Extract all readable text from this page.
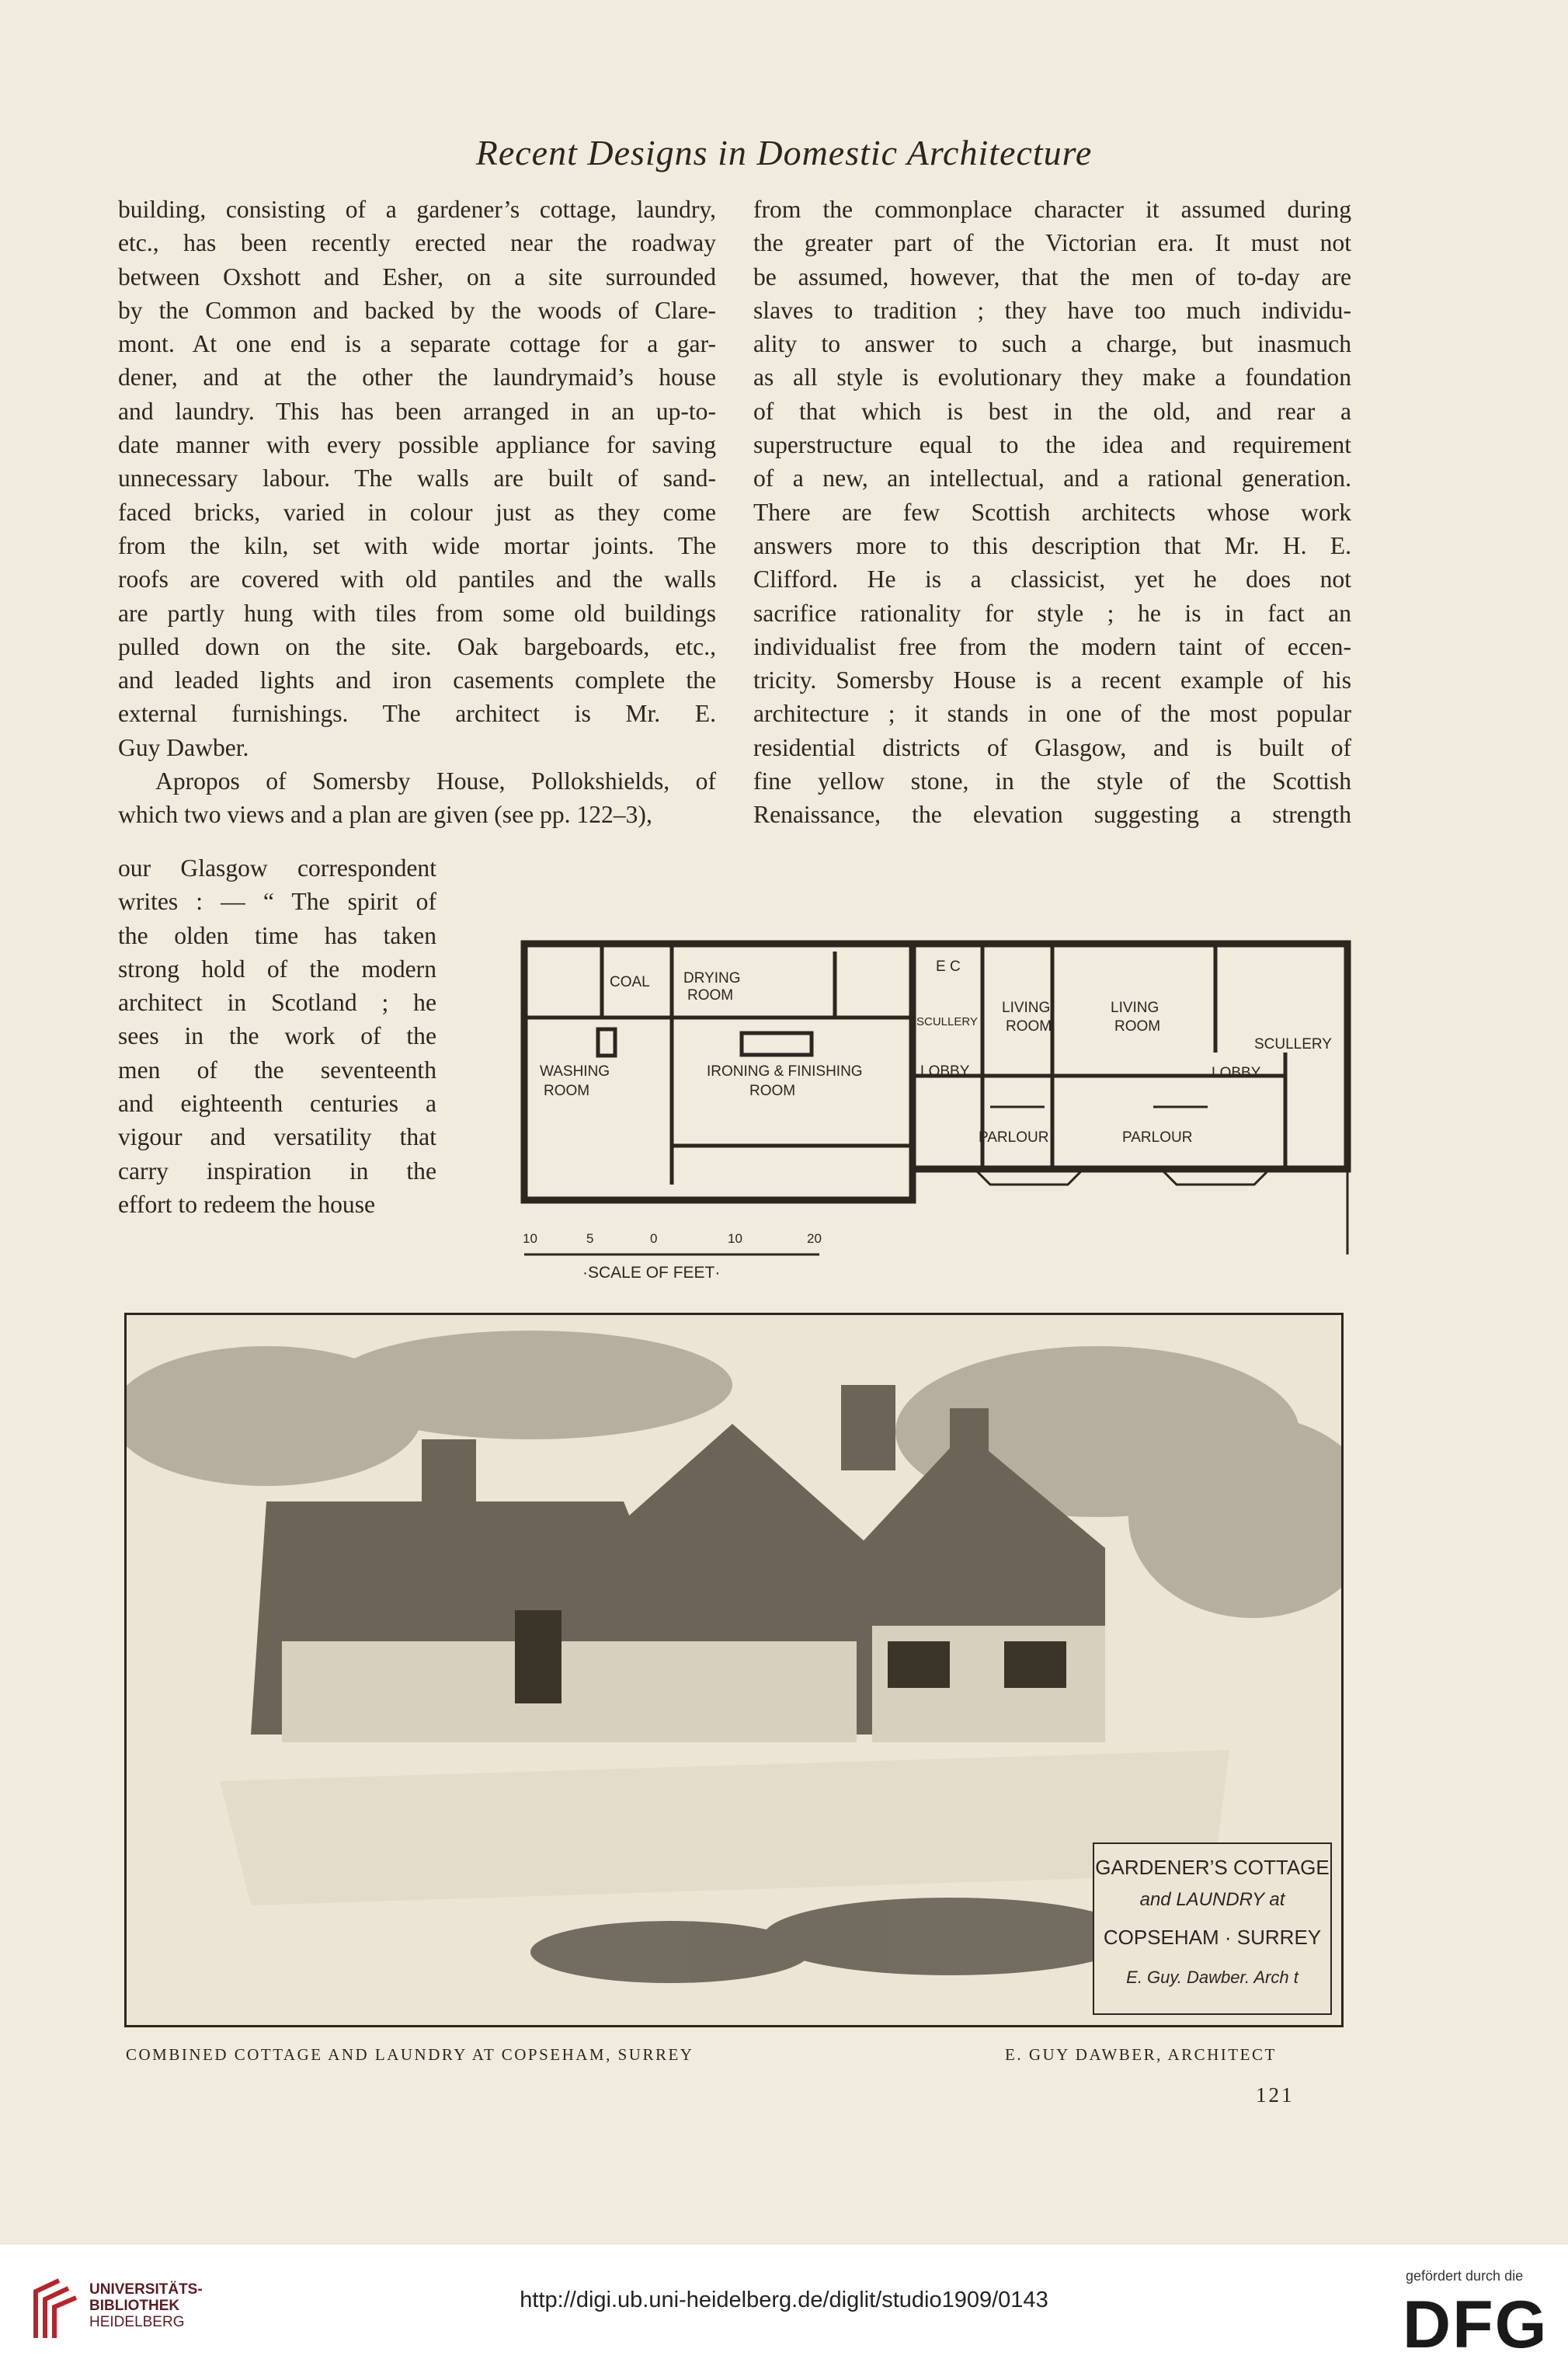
Recent Designs in Domestic Architecture
building, consisting of a gardener’s cottage, laundry,
etc., has been recently erected near the roadway
between Oxshott and Esher, on a site surrounded
by the Common and backed by the woods of Clare-
mont. At one end is a separate cottage for a gar-
dener, and at the other the laundrymaid’s house
and laundry. This has been arranged in an up-to-
date manner with every possible appliance for saving
unnecessary labour. The walls are built of sand-
faced bricks, varied in colour just as they come
from the kiln, set with wide mortar joints. The
roofs are covered with old pantiles and the walls
are partly hung with tiles from some old buildings
pulled down on the site. Oak bargeboards, etc.,
and leaded lights and iron casements complete the
external furnishings. The architect is Mr. E.
Guy Dawber.
Apropos of Somersby House, Pollokshields, of
which two views and a plan are given (see pp. 122–3),
our Glasgow correspondent
writes : — “ The spirit of
the olden time has taken
strong hold of the modern
architect in Scotland ; he
sees in the work of the
men of the seventeenth
and eighteenth centuries a
vigour and versatility that
carry inspiration in the
effort to redeem the house
from the commonplace character it assumed during
the greater part of the Victorian era. It must not
be assumed, however, that the men of to-day are
slaves to tradition ; they have too much individu-
ality to answer to such a charge, but inasmuch
as all style is evolutionary they make a foundation
of that which is best in the old, and rear a
superstructure equal to the idea and requirement
of a new, an intellectual, and a rational generation.
There are few Scottish architects whose work
answers more to this description that Mr. H. E.
Clifford. He is a classicist, yet he does not
sacrifice rationality for style ; he is in fact an
individualist free from the modern taint of eccen-
tricity. Somersby House is a recent example of his
architecture ; it stands in one of the most popular
residential districts of Glasgow, and is built of
fine yellow stone, in the style of the Scottish
Renaissance, the elevation suggesting a strength
COAL DRYING
ROOM
E C
SCULLERY
LIVING
ROOM
LIVING
ROOM
SCULLERY
WASHING
ROOM
IRONING & FINISHING
ROOM
LOBBY	LOBBY
PARLOUR	PARLOUR
10	5	0	10	20
·SCALE OF FEET·
GARDENER’S COTTAGE
and LAUNDRY at
COPSEHAM · SURREY
E. Guy. Dawber. Arch t
COMBINED COTTAGE AND LAUNDRY AT COPSEHAM, SURREY	E. GUY DAWBER, ARCHITECT
121
UNIVERSITÄTS-
BIBLIOTHEK
HEIDELBERG
http://digi.ub.uni-heidelberg.de/diglit/studio1909/0143
gefördert durch die
DFG
